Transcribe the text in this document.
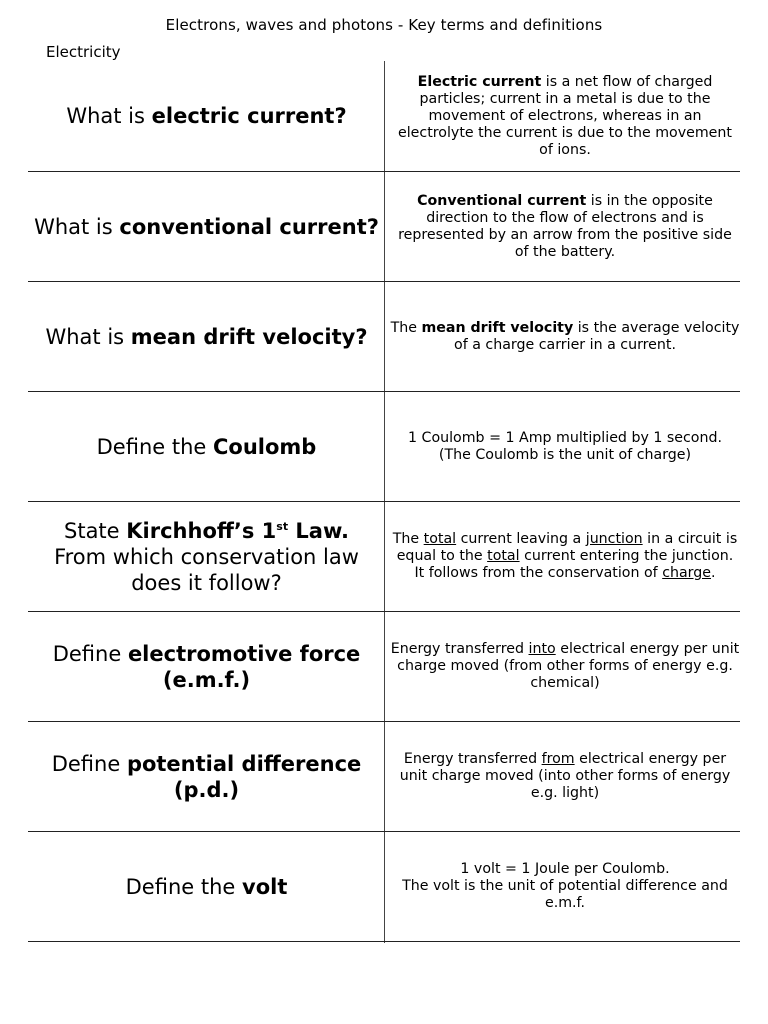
Electrons, waves and photons - Key terms and definitions
Electricity
What is electric current?
Electric current is a net flow of charged particles; current in a metal is due to the movement of electrons, whereas in an electrolyte the current is due to the movement of ions.
What is conventional current?
Conventional current is in the opposite direction to the flow of electrons and is represented by an arrow from the positive side of the battery.
What is mean drift velocity? The mean drift velocity is the average velocity of a charge carrier in a current.
Define the Coulomb	1 Coulomb = 1 Amp multiplied by 1 second.
(The Coulomb is the unit of charge)
State Kirchhoff’s 1st Law.
From which conservation law does it follow?
The total current leaving a junction in a circuit is equal to the total current entering the junction.
It follows from the conservation of charge.
Define electromotive force (e.m.f.)
Energy transferred into electrical energy per unit charge moved (from other forms of energy e.g. chemical)
Define potential difference (p.d.)
Energy transferred from electrical energy per unit charge moved (into other forms of energy e.g. light)
Define the volt
1 volt = 1 Joule per Coulomb.
The volt is the unit of potential difference and e.m.f.
